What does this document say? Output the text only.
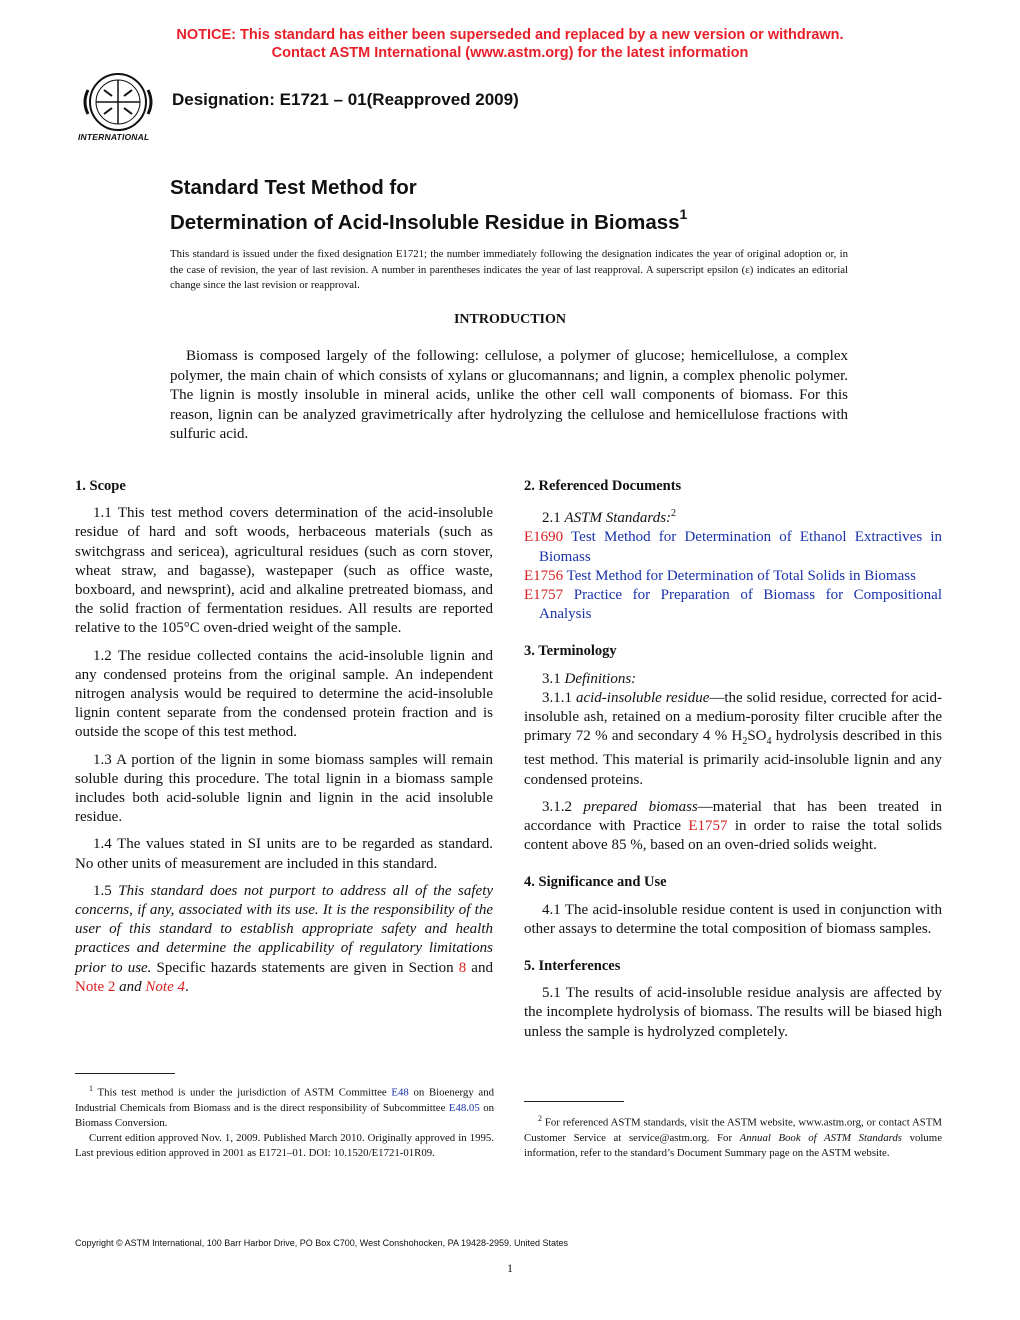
NOTICE: This standard has either been superseded and replaced by a new version or withdrawn.
Contact ASTM International (www.astm.org) for the latest information
INTERNATIONAL
Designation: E1721 – 01(Reapproved 2009)
Standard Test Method for
Determination of Acid-Insoluble Residue in Biomass$^1$
This standard is issued under the fixed designation E1721; the number immediately following the designation indicates the year of original adoption or, in the case of revision, the year of last revision. A number in parentheses indicates the year of last reapproval. A superscript epsilon (ε) indicates an editorial change since the last revision or reapproval.
INTRODUCTION
Biomass is composed largely of the following: cellulose, a polymer of glucose; hemicellulose, a complex polymer, the main chain of which consists of xylans or glucomannans; and lignin, a complex phenolic polymer. The lignin is mostly insoluble in mineral acids, unlike the other cell wall components of biomass. For this reason, lignin can be analyzed gravimetrically after hydrolyzing the cellulose and hemicellulose fractions with sulfuric acid.
1. Scope

1.1 This test method covers determination of the acid-insoluble residue of hard and soft woods, herbaceous materials (such as switchgrass and sericea), agricultural residues (such as corn stover, wheat straw, and bagasse), wastepaper (such as office waste, boxboard, and newsprint), acid and alkaline pretreated biomass, and the solid fraction of fermentation residues. All results are reported relative to the 105°C oven-dried weight of the sample.

1.2 The residue collected contains the acid-insoluble lignin and any condensed proteins from the original sample. An independent nitrogen analysis would be required to determine the acid-insoluble lignin content separate from the condensed protein fraction and is outside the scope of this test method.

1.3 A portion of the lignin in some biomass samples will remain soluble during this procedure. The total lignin in a biomass sample includes both acid-soluble lignin and lignin in the acid insoluble residue.

1.4 The values stated in SI units are to be regarded as standard. No other units of measurement are included in this standard.

1.5 This standard does not purport to address all of the safety concerns, if any, associated with its use. It is the responsibility of the user of this standard to establish appropriate safety and health practices and determine the applicability of regulatory limitations prior to use. Specific hazards statements are given in Section 8 and Note 2 and Note 4.

2. Referenced Documents

2.1 ASTM Standards:$^2$

E1690 Test Method for Determination of Ethanol Extractives in Biomass
E1756 Test Method for Determination of Total Solids in Biomass
E1757 Practice for Preparation of Biomass for Compositional Analysis
3. Terminology

3.1 Definitions:

3.1.1 acid-insoluble residue—the solid residue, corrected for acid-insoluble ash, retained on a medium-porosity filter crucible after the primary 72 % and secondary 4 % $H_2SO_4$ hydrolysis described in this test method. This material is primarily acid-insoluble lignin and any condensed proteins.

3.1.2 prepared biomass—material that has been treated in accordance with Practice E1757 in order to raise the total solids content above 85 %, based on an oven-dried solids weight.

4. Significance and Use

4.1 The acid-insoluble residue content is used in conjunction with other assays to determine the total composition of biomass samples.

5. Interferences

5.1 The results of acid-insoluble residue analysis are affected by the incomplete hydrolysis of biomass. The results will be biased high unless the sample is hydrolyzed completely.

$^1$ This test method is under the jurisdiction of ASTM Committee E48 on Bioenergy and Industrial Chemicals from Biomass and is the direct responsibility of Subcommittee E48.05 on Biomass Conversion.

Current edition approved Nov. 1, 2009. Published March 2010. Originally approved in 1995. Last previous edition approved in 2001 as E1721–01. DOI: 10.1520/E1721-01R09.

$^2$ For referenced ASTM standards, visit the ASTM website, www.astm.org, or contact ASTM Customer Service at service@astm.org. For Annual Book of ASTM Standards volume information, refer to the standard’s Document Summary page on the ASTM website.

Copyright © ASTM International, 100 Barr Harbor Drive, PO Box C700, West Conshohocken, PA 19428-2959. United States
1
